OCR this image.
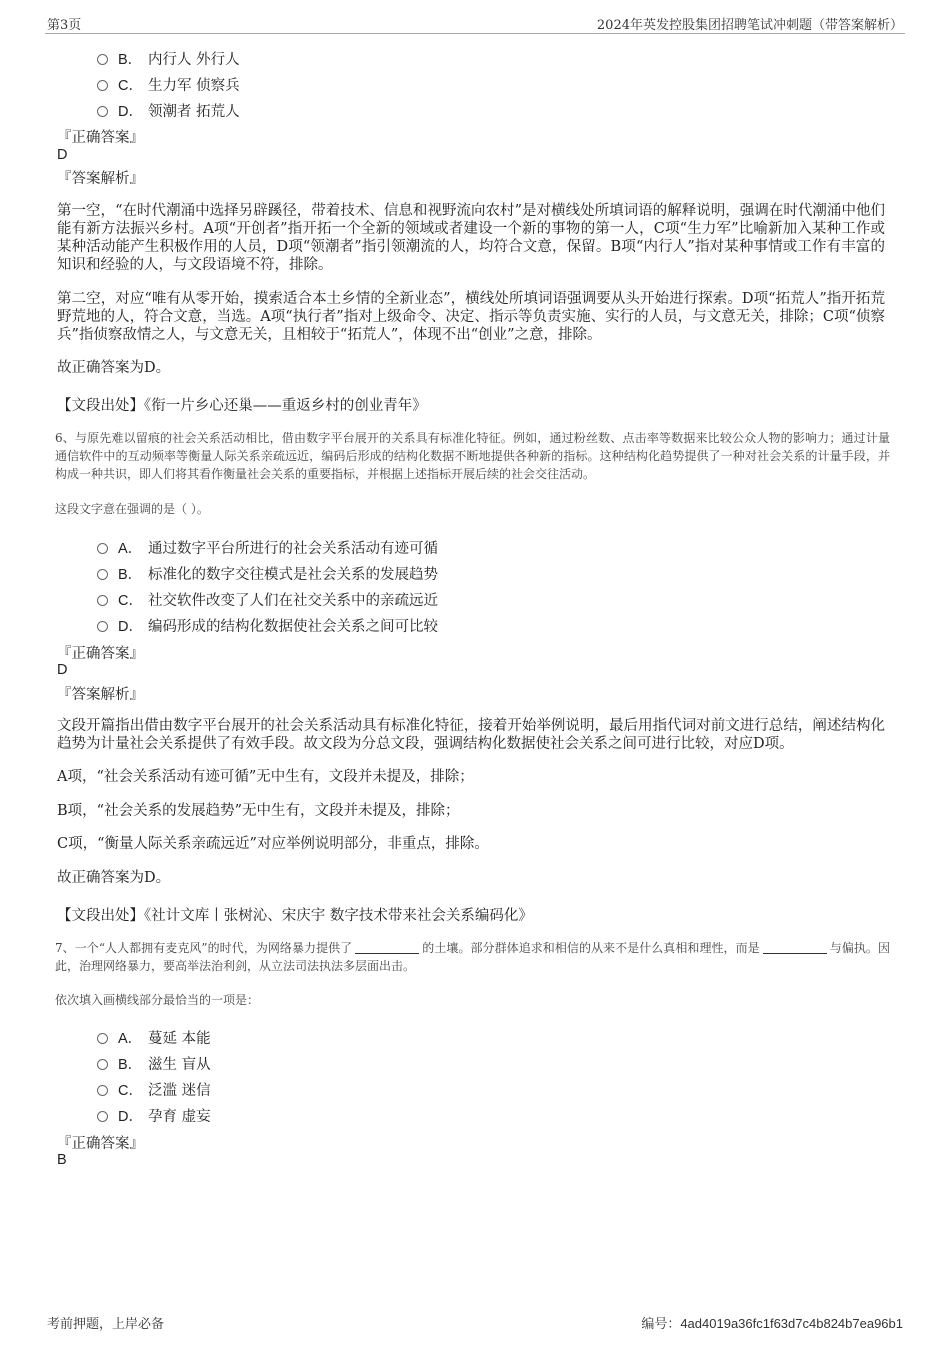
第3页	2024年英发控股集团招聘笔试冲刺题（带答案解析）
B． 内行人 外行人
C． 生力军 侦察兵
D． 领潮者 拓荒人
『正确答案』
D
『答案解析』
第一空，“在时代潮涌中选择另辟蹊径，带着技术、信息和视野流向农村”是对横线处所填词语的解释说明，强调在时代潮涌中他们能有新方法振兴乡村。A项“开创者”指开拓一个全新的领域或者建设一个新的事物的第一人，C项“生力军”比喻新加入某种工作或某种活动能产生积极作用的人员，D项“领潮者”指引领潮流的人，均符合文意，保留。B项“内行人”指对某种事情或工作有丰富的知识和经验的人，与文段语境不符，排除。
第二空，对应“唯有从零开始，摸索适合本土乡情的全新业态”，横线处所填词语强调要从头开始进行探索。D项“拓荒人”指开拓荒野荒地的人，符合文意，当选。A项“执行者”指对上级命令、决定、指示等负责实施、实行的人员，与文意无关，排除；C项“侦察兵”指侦察敌情之人，与文意无关，且相较于“拓荒人”，体现不出“创业”之意，排除。
故正确答案为D。
【文段出处】《衔一片乡心还巢——重返乡村的创业青年》
6、与原先难以留痕的社会关系活动相比，借由数字平台展开的关系具有标准化特征。例如，通过粉丝数、点击率等数据来比较公众人物的影响力；通过计量通信软件中的互动频率等衡量人际关系亲疏远近，编码后形成的结构化数据不断地提供各种新的指标。这种结构化趋势提供了一种对社会关系的计量手段，并构成一种共识，即人们将其看作衡量社会关系的重要指标，并根据上述指标开展后续的社会交往活动。
这段文字意在强调的是（ ）。
A． 通过数字平台所进行的社会关系活动有迹可循
B． 标准化的数字交往模式是社会关系的发展趋势
C． 社交软件改变了人们在社交关系中的亲疏远近
D． 编码形成的结构化数据使社会关系之间可比较
『正确答案』
D
『答案解析』
文段开篇指出借由数字平台展开的社会关系活动具有标准化特征，接着开始举例说明，最后用指代词对前文进行总结，阐述结构化趋势为计量社会关系提供了有效手段。故文段为分总文段，强调结构化数据使社会关系之间可进行比较，对应D项。
A项，“社会关系活动有迹可循”无中生有，文段并未提及，排除；
B项，“社会关系的发展趋势”无中生有，文段并未提及，排除；
C项，“衡量人际关系亲疏远近”对应举例说明部分，非重点，排除。
故正确答案为D。
【文段出处】《社计文库丨张树沁、宋庆宇 数字技术带来社会关系编码化》
7、一个“人人都拥有麦克风”的时代，为网络暴力提供了	的土壤。部分群体追求和相信的从来不是什么真相和理性，而是	与偏执。因此，治理网络暴力，要高举法治利剑，从立法司法执法多层面出击。
依次填入画横线部分最恰当的一项是：
A． 蔓延 本能
B． 滋生 盲从
C． 泛滥 迷信
D． 孕育 虚妄
『正确答案』
B
考前押题，上岸必备	编号：4ad4019a36fc1f63d7c4b824b7ea96b1
